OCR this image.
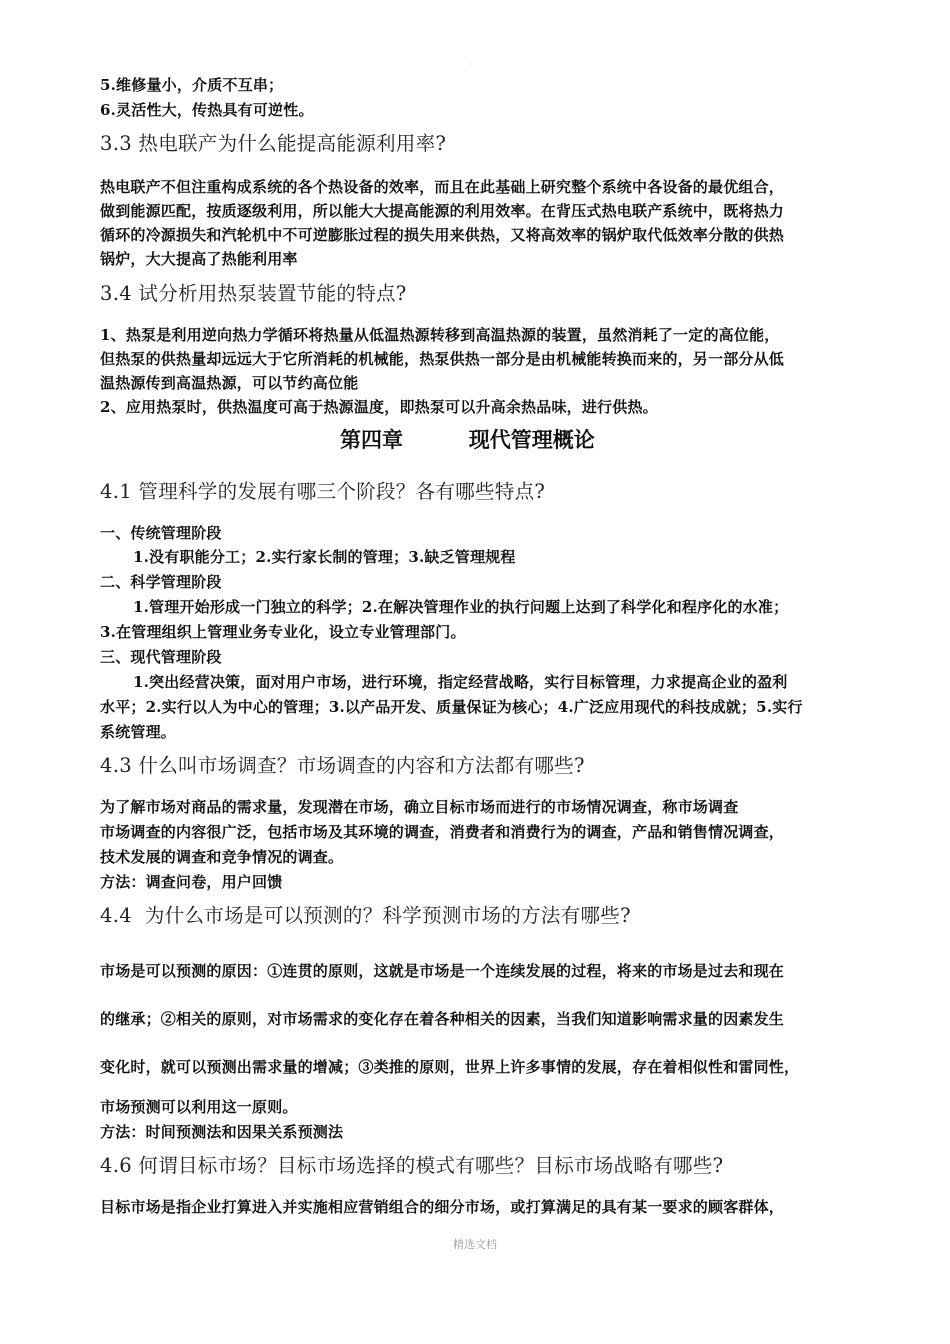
·
5.维修量小，介质不互串；
6.灵活性大，传热具有可逆性。
3.3 热电联产为什么能提高能源利用率?
热电联产不但注重构成系统的各个热设备的效率，而且在此基础上研究整个系统中各设备的最优组合，
做到能源匹配，按质逐级利用，所以能大大提高能源的利用效率。在背压式热电联产系统中，既将热力
循环的冷源损失和汽轮机中不可逆膨胀过程的损失用来供热，又将高效率的锅炉取代低效率分散的供热
锅炉，大大提高了热能利用率
3.4 试分析用热泵装置节能的特点?
1、热泵是利用逆向热力学循环将热量从低温热源转移到高温热源的装置，虽然消耗了一定的高位能，
但热泵的供热量却远远大于它所消耗的机械能，热泵供热一部分是由机械能转换而来的，另一部分从低
温热源传到高温热源，可以节约高位能
2、应用热泵时，供热温度可高于热源温度，即热泵可以升高余热品味，进行供热。
第四章         现代管理概论
4.1 管理科学的发展有哪三个阶段？各有哪些特点?
一、传统管理阶段
1.没有职能分工；2.实行家长制的管理；3.缺乏管理规程
二、科学管理阶段
1.管理开始形成一门独立的科学；2.在解决管理作业的执行问题上达到了科学化和程序化的水准；
3.在管理组织上管理业务专业化，设立专业管理部门。
三、现代管理阶段
1.突出经营决策，面对用户市场，进行环境，指定经营战略，实行目标管理，力求提高企业的盈利
水平；2.实行以人为中心的管理；3.以产品开发、质量保证为核心；4.广泛应用现代的科技成就；5.实行
系统管理。
4.3 什么叫市场调查？市场调查的内容和方法都有哪些?
为了解市场对商品的需求量，发现潜在市场，确立目标市场而进行的市场情况调查，称市场调查
市场调查的内容很广泛，包括市场及其环境的调查，消费者和消费行为的调查，产品和销售情况调查，
技术发展的调查和竞争情况的调查。
方法：调查问卷，用户回馈
4.4  为什么市场是可以预测的？科学预测市场的方法有哪些?
市场是可以预测的原因：①连贯的原则，这就是市场是一个连续发展的过程，将来的市场是过去和现在
的继承；②相关的原则，对市场需求的变化存在着各种相关的因素，当我们知道影响需求量的因素发生
变化时，就可以预测出需求量的增减；③类推的原则，世界上许多事情的发展，存在着相似性和雷同性，
市场预测可以利用这一原则。
方法：时间预测法和因果关系预测法
4.6 何谓目标市场？目标市场选择的模式有哪些？目标市场战略有哪些?
目标市场是指企业打算进入并实施相应营销组合的细分市场，或打算满足的具有某一要求的顾客群体，
精选文档
